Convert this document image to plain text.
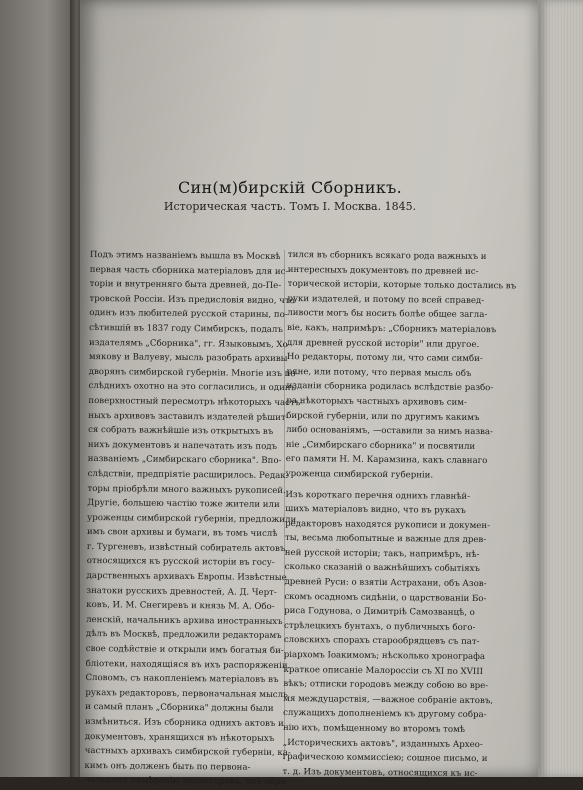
Син(м)бирскій Сборникъ.
Историческая часть. Томъ I. Москва. 1845.
Подъ этимъ названіемъ вышла въ Москвѣ
первая часть сборника матеріаловъ для ис-
торіи и внутренняго быта древней, до-Пе-
тровской Россіи. Изъ предисловія видно, что
одинъ изъ любителей русской старины, по-
сѣтившій въ 1837 году Симбирскъ, подалъ
издателямъ „Сборника", гг. Языковымъ, Хо-
мякову и Валуеву, мысль разобрать архивы
дворянъ симбирской губерніи. Многіе изъ по-
слѣднихъ охотно на это согласились, и одинъ
поверхностный пересмотръ нѣкоторыхъ частъ-
ныхъ архивовъ заставилъ издателей рѣшит-
ся собрать важнѣйшіе изъ открытыхъ въ
нихъ документовъ и напечатать изъ подъ
названіемъ „Симбирскаго сборника". Впо-
слѣдствіи, предпріятіе расширилось. Редак-
торы пріобрѣли много важныхъ рукописей.
Другіе, большею частію тоже жители или
уроженцы симбирской губерніи, предложили
имъ свои архивы и бумаги, въ томъ числѣ
г. Тургеневъ, извѣстный собиратель актовъ,
относящихся къ русской исторіи въ госу-
дарственныхъ архивахъ Европы. Извѣстные
знатоки русскихъ древностей, А. Д. Черт-
ковъ, И. М. Снегиревъ и князь М. А. Обо-
ленскій, начальникъ архива иностранныхъ
дѣлъ въ Москвѣ, предложили редакторамъ
свое содѣйствіе и открыли имъ богатыя би-
бліотеки, находящіяся въ ихъ распоряженіи.
Словомъ, съ накопленіемъ матеріаловъ въ
рукахъ редакторовъ, первоначальная мысль
и самый планъ „Сборника" должны были
измѣниться. Изъ сборника однихъ актовъ и
документовъ, хранящихся въ нѣкоторыхъ
частныхъ архивахъ симбирской губерніи, ка-
кимъ онъ долженъ быть по первона-
чальному намѣренію редакторовъ, онъ обра-
тился въ сборникъ всякаго рода важныхъ и
интересныхъ документовъ по древней ис-
торической исторіи, которые только достались въ
руки издателей, и потому по всей справед-
ливости могъ бы носить болѣе общее загла-
віе, какъ, напримѣръ: „Сборникъ матеріаловъ
для древней русской исторіи" или другое.
Но редакторы, потому ли, что сами симби-
ряне, или потому, что первая мысль объ
изданіи сборника родилась вслѣдствіе разбо-
ра нѣкоторыхъ частныхъ архивовъ сим-
бирской губерніи, или по другимъ какимъ
либо основаніямъ, —оставили за нимъ назва-
ніе „Симбирскаго сборника" и посвятили
его памяти Н. М. Карамзина, какъ славнаго
уроженца симбирской губерніи.
Изъ короткаго перечня однихъ главнѣй-
шихъ матеріаловъ видно, что въ рукахъ
редакторовъ находятся рукописи и докумен-
ты, весьма любопытные и важные для древ-
ней русской исторіи; такъ, напримѣръ, нѣ-
сколько сказаній о важнѣйшихъ событіяхъ
древней Руси: о взятіи Астрахани, объ Азов-
скомъ осадномъ сидѣніи, о царствованіи Бо-
риса Годунова, о Димитріѣ Самозванцѣ, о
стрѣлецкихъ бунтахъ, о публичныхъ бого-
словскихъ спорахъ старообрядцевъ съ пат-
ріархомъ Іоакимомъ; нѣсколько хронографа
краткое описаніе Малороссіи съ XI по XVIII
вѣкъ; отписки городовъ между собою во вре-
мя междуцарствія, —важное собраніе актовъ,
служащихъ дополненіемъ къ другому собра-
нію ихъ, помѣщенному во второмъ томѣ
„Историческихъ актовъ", изданныхъ Архео-
графическою коммиссіею; сошное письмо, и
т. д. Изъ документовъ, относящихся къ ис-
